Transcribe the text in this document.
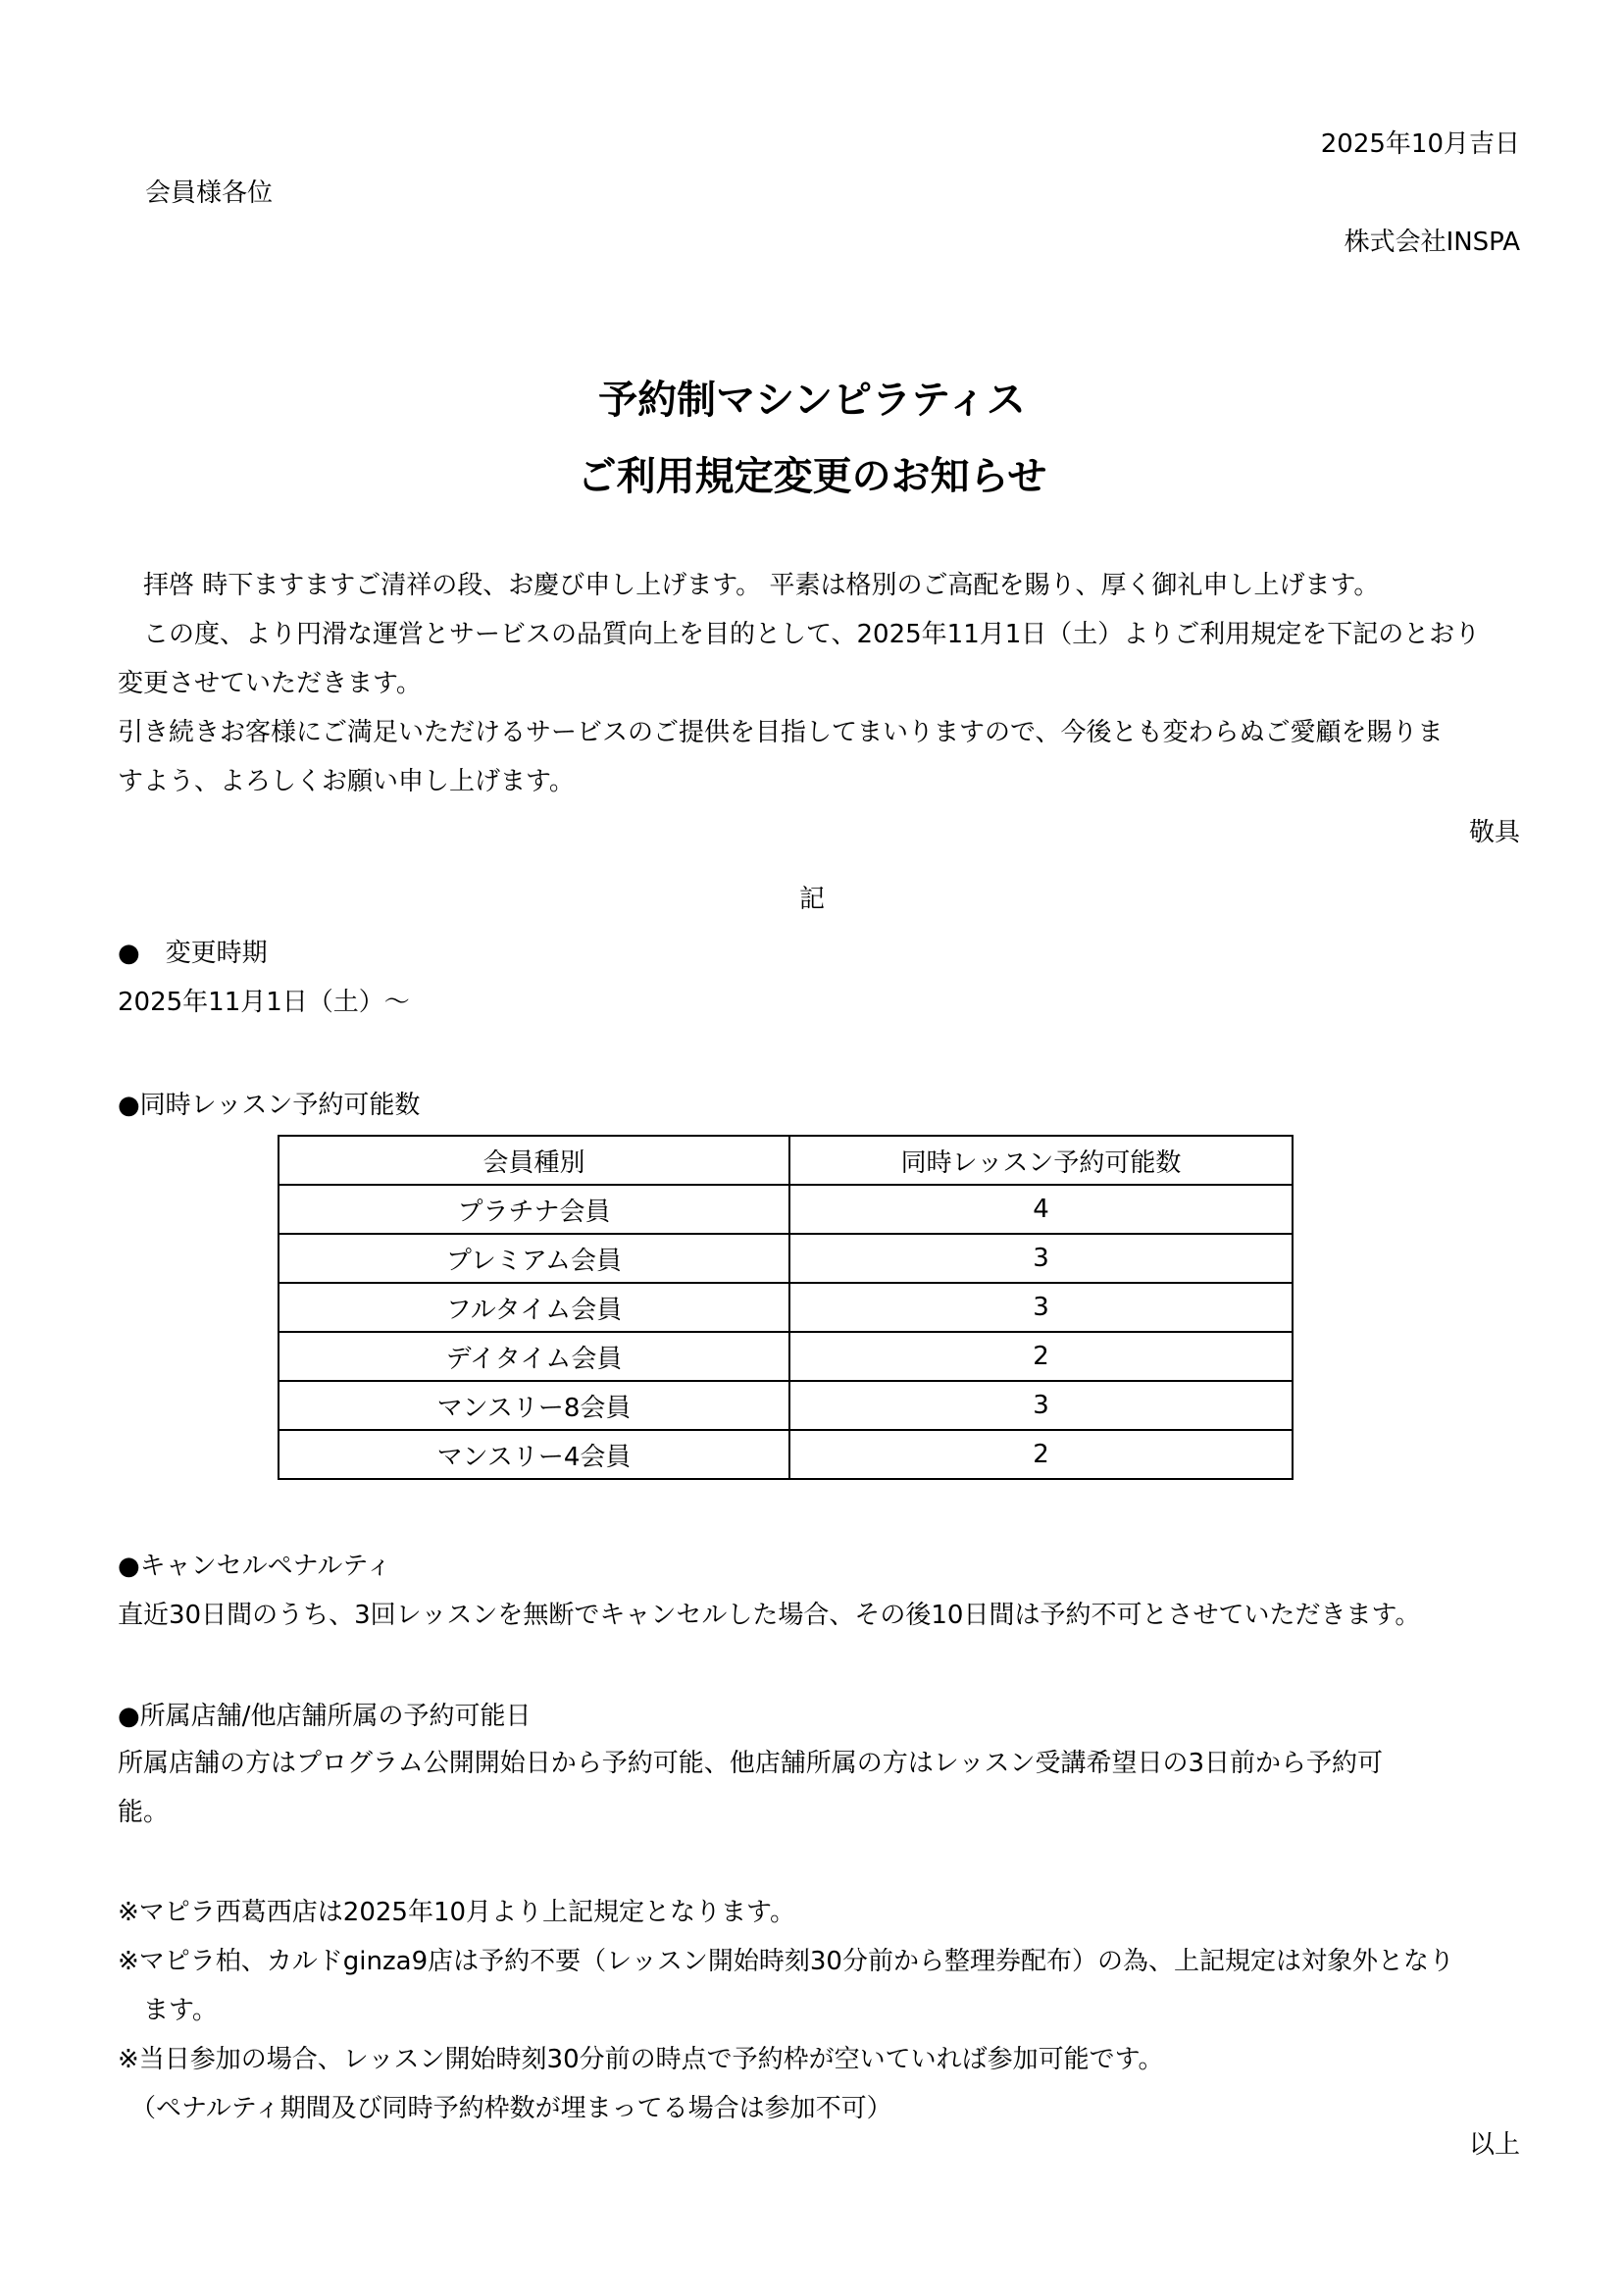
2025年10月吉日
会員様各位
株式会社INSPA
予約制マシンピラティス
ご利用規定変更のお知らせ

　拝啓 時下ますますご清祥の段、お慶び申し上げます。 平素は格別のご高配を賜り、厚く御礼申し上げます。

　この度、より円滑な運営とサービスの品質向上を目的として、2025年11月1日（土）よりご利用規定を下記のとおり

変更させていただきます。

引き続きお客様にご満足いただけるサービスのご提供を目指してまいりますので、今後とも変わらぬご愛顧を賜りま

すよう、よろしくお願い申し上げます。

敬具
記
●　変更時期
2025年11月1日（土）〜
●同時レッスン予約可能数
会員種別	同時レッスン予約可能数
プラチナ会員	4
プレミアム会員	3
フルタイム会員	3
デイタイム会員	2
マンスリー8会員	3
マンスリー4会員	2
●キャンセルペナルティ
直近30日間のうち、3回レッスンを無断でキャンセルした場合、その後10日間は予約不可とさせていただきます。
●所属店舗/他店舗所属の予約可能日

所属店舗の方はプログラム公開開始日から予約可能、他店舗所属の方はレッスン受講希望日の3日前から予約可

能。

※マピラ西葛西店は2025年10月より上記規定となります。

※マピラ柏、カルドginza9店は予約不要（レッスン開始時刻30分前から整理券配布）の為、上記規定は対象外となり

　ます。

※当日参加の場合、レッスン開始時刻30分前の時点で予約枠が空いていれば参加可能です。

　（ペナルティ期間及び同時予約枠数が埋まってる場合は参加不可）

以上
